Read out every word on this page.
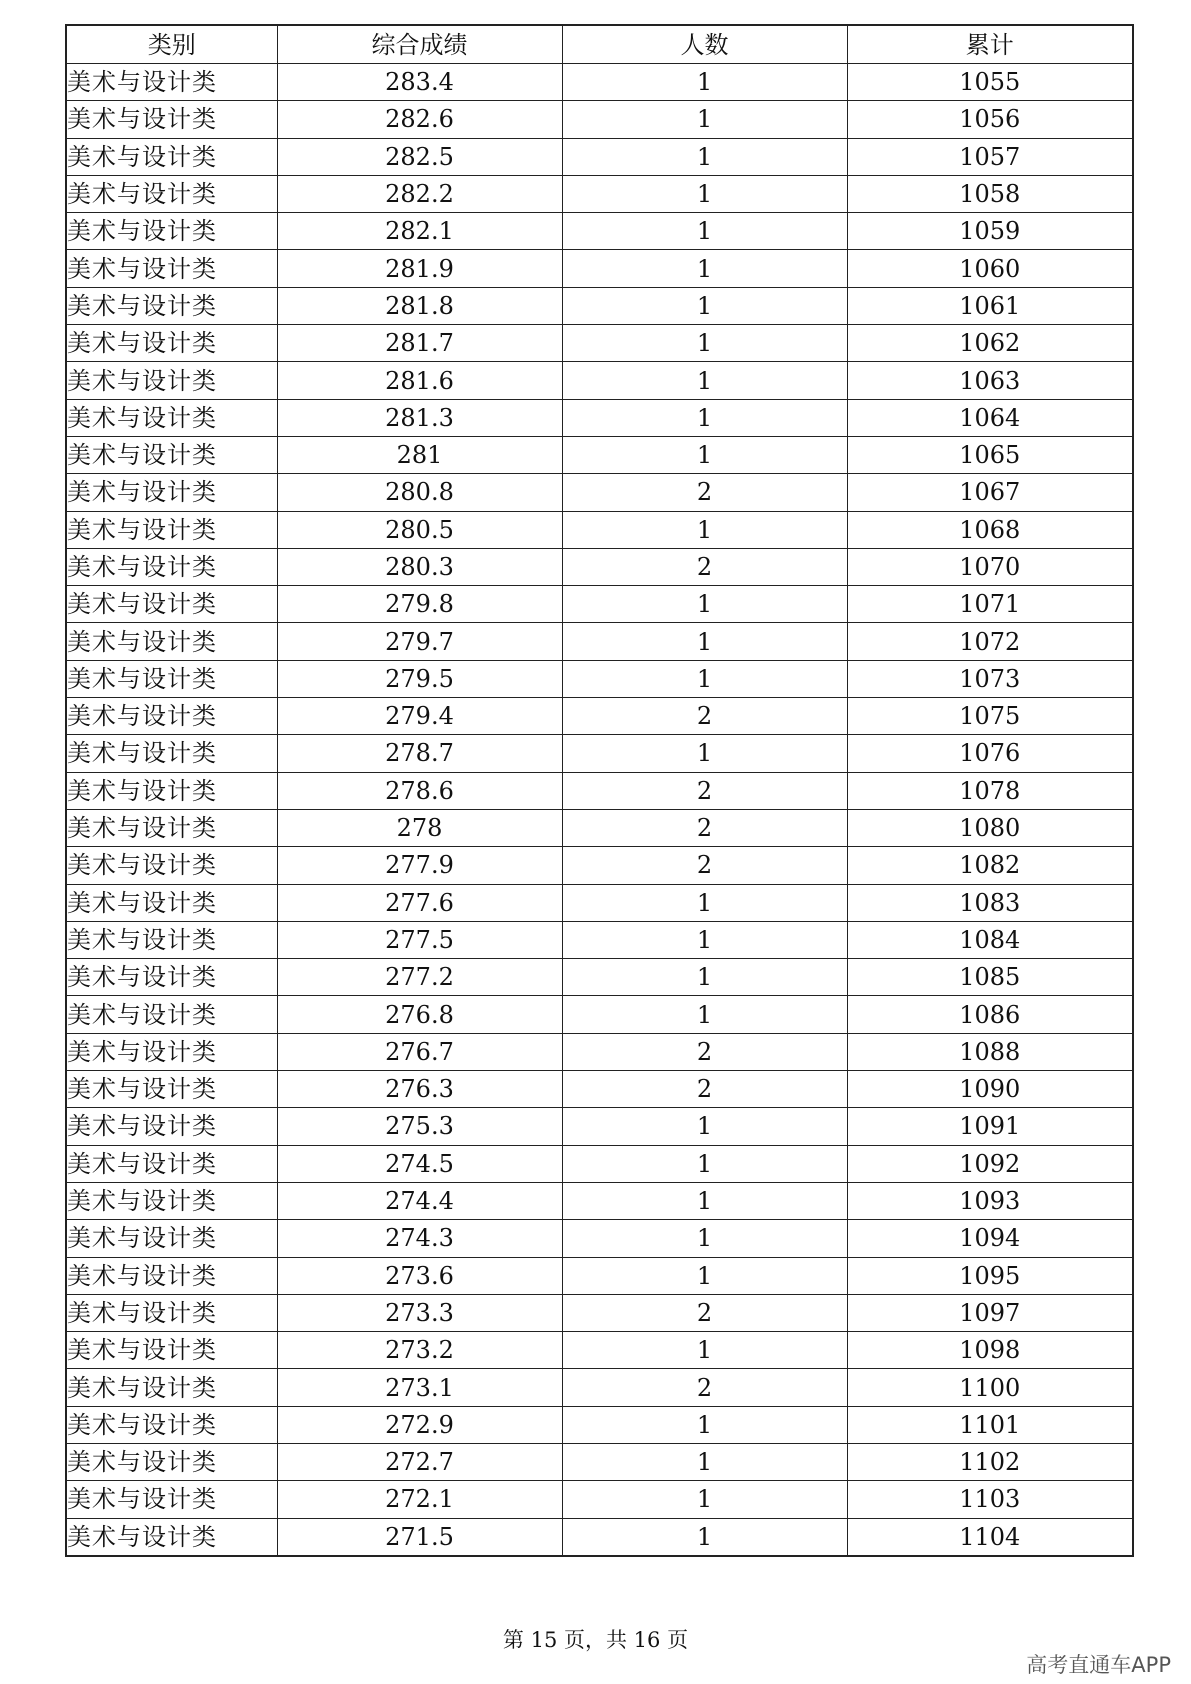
类别	综合成绩	人数	累计
美术与设计类	283.4	1	1055
美术与设计类	282.6	1	1056
美术与设计类	282.5	1	1057
美术与设计类	282.2	1	1058
美术与设计类	282.1	1	1059
美术与设计类	281.9	1	1060
美术与设计类	281.8	1	1061
美术与设计类	281.7	1	1062
美术与设计类	281.6	1	1063
美术与设计类	281.3	1	1064
美术与设计类	281	1	1065
美术与设计类	280.8	2	1067
美术与设计类	280.5	1	1068
美术与设计类	280.3	2	1070
美术与设计类	279.8	1	1071
美术与设计类	279.7	1	1072
美术与设计类	279.5	1	1073
美术与设计类	279.4	2	1075
美术与设计类	278.7	1	1076
美术与设计类	278.6	2	1078
美术与设计类	278	2	1080
美术与设计类	277.9	2	1082
美术与设计类	277.6	1	1083
美术与设计类	277.5	1	1084
美术与设计类	277.2	1	1085
美术与设计类	276.8	1	1086
美术与设计类	276.7	2	1088
美术与设计类	276.3	2	1090
美术与设计类	275.3	1	1091
美术与设计类	274.5	1	1092
美术与设计类	274.4	1	1093
美术与设计类	274.3	1	1094
美术与设计类	273.6	1	1095
美术与设计类	273.3	2	1097
美术与设计类	273.2	1	1098
美术与设计类	273.1	2	1100
美术与设计类	272.9	1	1101
美术与设计类	272.7	1	1102
美术与设计类	272.1	1	1103
美术与设计类	271.5	1	1104
第 15 页，共 16 页
高考直通车APP
